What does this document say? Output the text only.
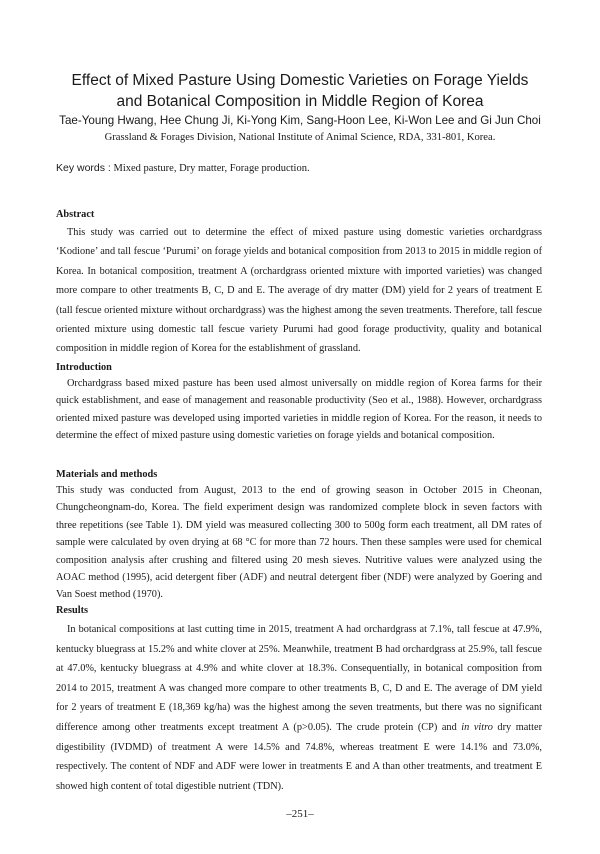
Effect of Mixed Pasture Using Domestic Varieties on Forage Yields
and Botanical Composition in Middle Region of Korea

Tae-Young Hwang, Hee Chung Ji, Ki-Yong Kim, Sang-Hoon Lee, Ki-Won Lee and Gi Jun Choi

Grassland & Forages Division, National Institute of Animal Science, RDA, 331-801, Korea.

Key words : Mixed pasture, Dry matter, Forage production.
Abstract

This study was carried out to determine the effect of mixed pasture using domestic varieties orchardgrass ‘Kodione’ and tall fescue ‘Purumi’ on forage yields and botanical composition from 2013 to 2015 in middle region of Korea. In botanical composition, treatment A (orchardgrass oriented mixture with imported varieties) was changed more compare to other treatments B, C, D and E. The average of dry matter (DM) yield for 2 years of treatment E (tall fescue oriented mixture without orchardgrass) was the highest among the seven treatments. Therefore, tall fescue oriented mixture using domestic tall fescue variety Purumi had good forage productivity, quality and botanical composition in middle region of Korea for the establishment of grassland.

Introduction

Orchardgrass based mixed pasture has been used almost universally on middle region of Korea farms for their quick establishment, and ease of management and reasonable productivity (Seo et al., 1988). However, orchardgrass oriented mixed pasture was developed using imported varieties in middle region of Korea. For the reason, it needs to determine the effect of mixed pasture using domestic varieties on forage yields and botanical composition.

Materials and methods

This study was conducted from August, 2013 to the end of growing season in October 2015 in Cheonan, Chungcheongnam-do, Korea. The field experiment design was randomized complete block in seven factors with three repetitions (see Table 1). DM yield was measured collecting 300 to 500g form each treatment, all DM rates of sample were calculated by oven drying at 68 °C for more than 72 hours. Then these samples were used for chemical composition analysis after crushing and filtered using 20 mesh sieves. Nutritive values were analyzed using the AOAC method (1995), acid detergent fiber (ADF) and neutral detergent fiber (NDF) were analyzed by Goering and Van Soest method (1970).

Results

In botanical compositions at last cutting time in 2015, treatment A had orchardgrass at 7.1%, tall fescue at 47.9%, kentucky bluegrass at 15.2% and white clover at 25%. Meanwhile, treatment B had orchardgrass at 25.9%, tall fescue at 47.0%, kentucky bluegrass at 4.9% and white clover at 18.3%. Consequentially, in botanical composition from 2014 to 2015, treatment A was changed more compare to other treatments B, C, D and E. The average of DM yield for 2 years of treatment E (18,369 kg/ha) was the highest among the seven treatments, but there was no significant difference among other treatments except treatment A (p>0.05). The crude protein (CP) and in vitro dry matter digestibility (IVDMD) of treatment A were 14.5% and 74.8%, whereas treatment E were 14.1% and 73.0%, respectively. The content of NDF and ADF were lower in treatments E and A than other treatments, and treatment E showed high content of total digestible nutrient (TDN).

–251–
